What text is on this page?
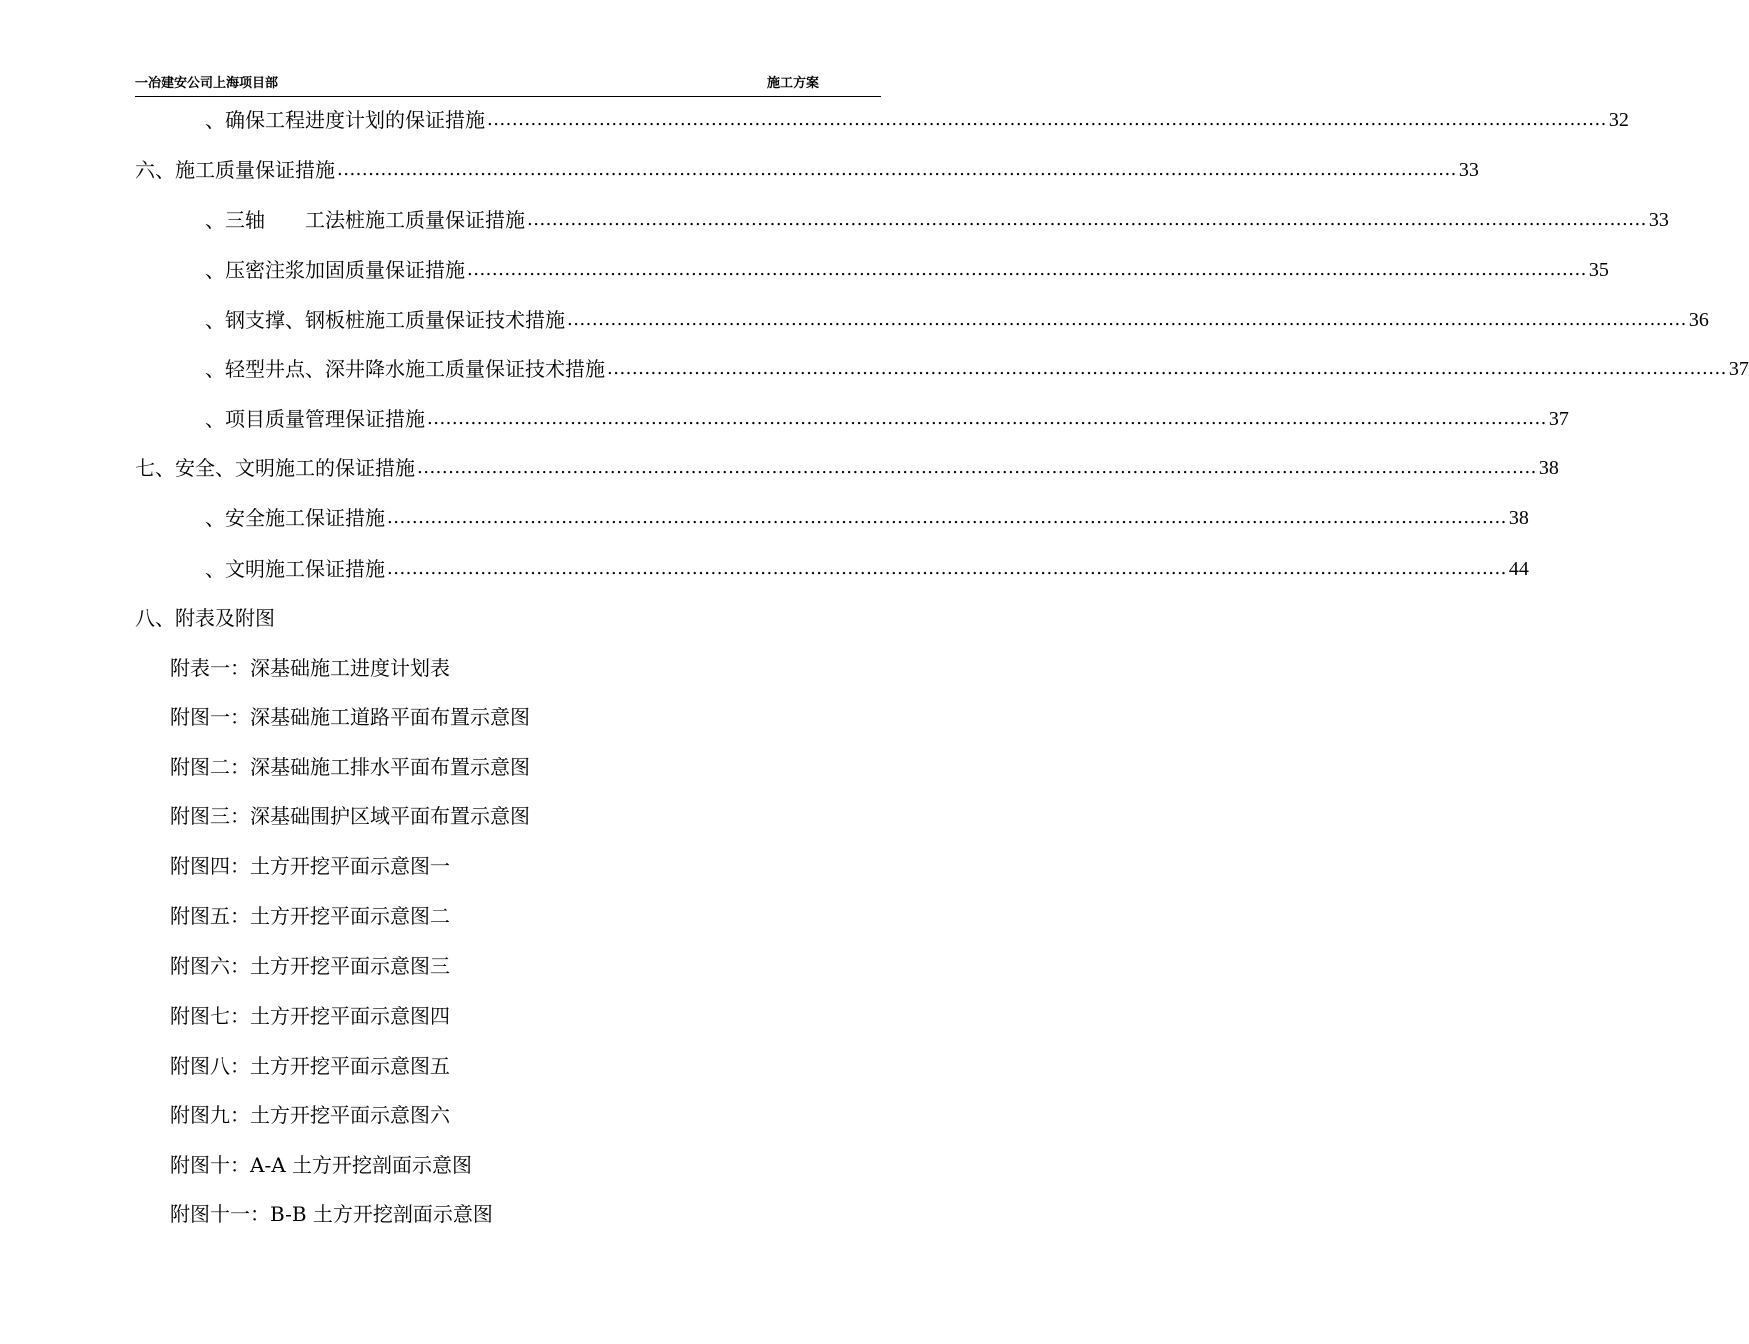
一冶建安公司上海项目部	施工方案
、确保工程进度计划的保证措施 .................................................................................................................................................................................... 32
六、施工质量保证措施 .................................................................................................................................................................................... 33
、三轴　　工法桩施工质量保证措施 .................................................................................................................................................................................... 33
、压密注浆加固质量保证措施 .................................................................................................................................................................................... 35
、钢支撑、钢板桩施工质量保证技术措施 .................................................................................................................................................................................... 36
、轻型井点、深井降水施工质量保证技术措施 .................................................................................................................................................................................... 37
、项目质量管理保证措施 .................................................................................................................................................................................... 37
七、安全、文明施工的保证措施 .................................................................................................................................................................................... 38
、安全施工保证措施 .................................................................................................................................................................................... 38
、文明施工保证措施 .................................................................................................................................................................................... 44
八、附表及附图
附表一：深基础施工进度计划表
附图一：深基础施工道路平面布置示意图
附图二：深基础施工排水平面布置示意图
附图三：深基础围护区域平面布置示意图
附图四：土方开挖平面示意图一
附图五：土方开挖平面示意图二
附图六：土方开挖平面示意图三
附图七：土方开挖平面示意图四
附图八：土方开挖平面示意图五
附图九：土方开挖平面示意图六
附图十：A-A 土方开挖剖面示意图
附图十一：B-B 土方开挖剖面示意图
